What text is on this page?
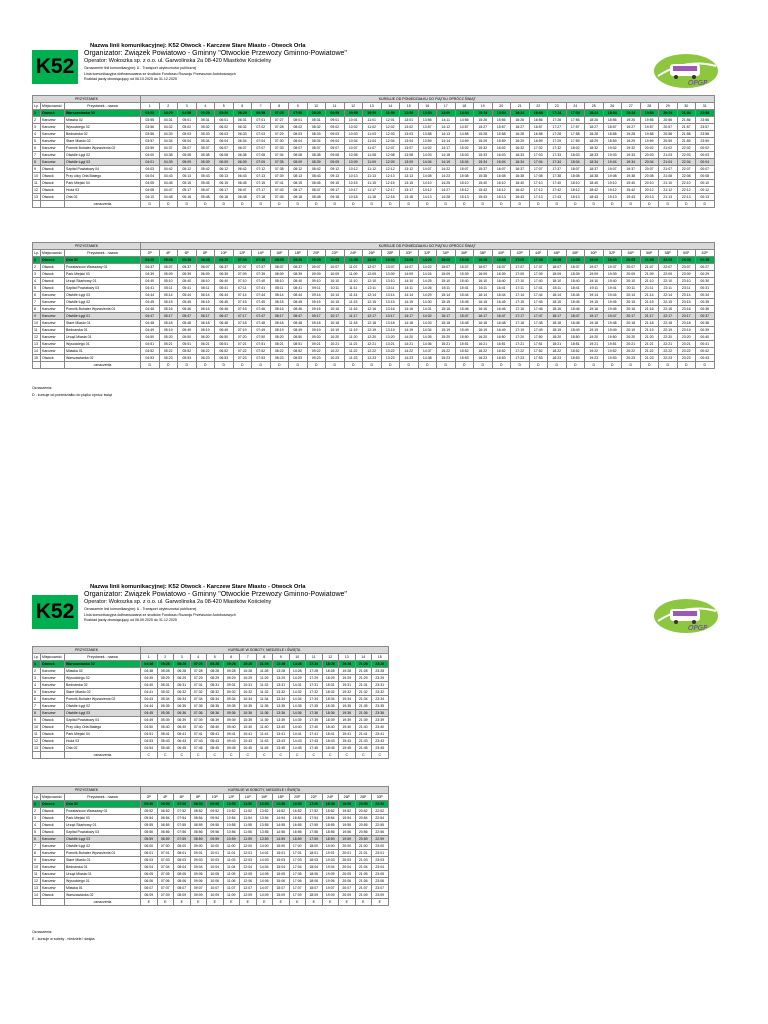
K52
Nazwa linii komunikacyjnej: K52 Otwock - Karczew Stare Miasto - Otwock Orla
Organizator: Związek Powiatowo - Gminny "Otwockie Przewozy Gminno-Powiatowe"
Operator: Wołoszka sp. z o.o. ul. Garwolinska 2a 08-420 Miastków Kościelny
Oznaczenie linii komunikacyjnej: U - Transport użyteczności publicznej
Linia komunikacyjna dofinansowana ze środków Funduszu Rozwoju Przewozów Autobusowych
Rozkład jazdy obowiązujący od 06.10.2025 do 31.12.2025
OPGP
PRZYSTANEK			KURSUJE OD PONIEDZIAŁKU DO PIĄTKU OPRÓCZ ŚWIĄT																														
Lp.	Miejscowość	Przystanek - nazwa	1	2	3	4	5	6	7	8	9	10	11	12	13	14	15	16	17	18	19	20	21	22	23	24	25	26	27	28	29	30	31
1	Otwock	Warszawianka 02	03:53	04:29	04:59	05:29	05:59	06:29	06:59	07:25	07:59	08:29	08:59	09:59	10:59	11:59	12:59	13:54	14:09	14:54	15:24	15:54	16:24	16:54	17:24	17:54	18:24	18:54	19:24	19:54	20:54	21:54	23:54
2	Karczew	Mlawka 02	03:55	04:31	05:01	05:31	06:01	06:31	07:01	07:27	08:01	08:31	09:01	10:01	11:01	12:01	13:01	13:56	14:11	14:56	15:26	15:56	16:26	16:56	17:26	17:56	18:26	18:56	19:26	19:56	20:56	21:56	23:56
3	Karczew	Wysockiego 02	03:56	04:32	05:02	05:32	06:02	06:32	07:02	07:28	08:02	08:32	09:02	10:02	11:02	12:02	13:02	13:57	14:12	14:57	15:27	15:57	16:27	16:57	17:27	17:57	18:27	18:57	19:27	19:57	20:57	21:57	23:57
4	Karczew	Bednarska 02	03:56	04:33	05:03	05:33	06:03	06:33	07:03	07:29	08:03	08:33	09:03	10:03	11:03	12:03	13:03	13:58	14:13	14:58	15:28	15:58	16:28	16:58	17:28	17:58	18:28	18:58	19:28	19:58	20:58	21:58	23:58
5	Karczew	Stare Miasto 02	03:57	04:34	05:04	05:34	06:04	06:34	07:04	07:30	08:04	08:34	09:04	10:04	11:04	12:04	13:04	13:59	14:14	14:59	15:29	15:59	16:29	16:59	17:29	17:59	18:29	18:59	19:29	19:59	20:59	21:59	23:59
6	Karczew	Pomnik Bohater Wyzwolenia 02	03:59	04:37	05:07	05:37	06:07	06:37	07:07	07:33	08:07	08:37	09:07	10:07	11:07	12:07	13:07	14:02	14:17	15:02	15:32	16:02	16:32	17:02	17:32	18:02	18:32	19:02	19:32	20:02	21:02	22:02	00:02
7	Karczew	Otwidle Łęgi 02	04:00	04:38	05:08	05:38	06:08	06:38	07:08	07:34	08:08	08:38	09:08	10:08	11:08	12:08	13:08	14:03	14:18	15:03	15:33	16:03	16:33	17:03	17:33	18:03	18:33	19:03	19:33	20:03	21:03	22:03	00:03
8	Karczew	Otwidle Łęgi 03	04:01	04:39	05:09	05:39	06:09	06:39	07:09	07:35	08:09	08:39	09:09	10:09	11:09	12:09	13:09	14:04	14:19	15:04	15:34	16:04	16:34	17:04	17:34	18:04	18:34	19:04	19:34	20:04	21:04	22:04	00:04
9	Otwock	Szpital Powiatowy 04	04:03	04:42	05:12	05:42	06:12	06:42	07:12	07:38	08:12	08:42	09:12	10:12	11:12	12:12	13:12	14:07	14:22	15:07	15:37	16:07	16:37	17:07	17:37	18:07	18:37	19:07	19:37	20:07	21:07	22:07	00:07
10	Otwock	Przy ulicy Orła Białego	04:04	04:43	05:13	05:43	06:13	06:43	07:13	07:39	08:13	08:43	09:13	10:13	11:13	12:13	13:13	14:08	14:23	15:08	15:38	16:08	16:38	17:08	17:38	18:08	18:38	19:08	19:38	20:08	21:08	22:08	00:08
11	Otwock	Park Miejski 04	04:05	04:45	05:15	05:45	06:15	06:45	07:15	07:41	08:15	08:45	09:15	10:15	11:15	12:15	13:15	14:10	14:25	15:10	15:40	16:10	16:40	17:10	17:40	18:10	18:40	19:10	19:40	20:10	21:10	22:10	00:10
12	Otwock	Hoża 03	04:08	04:47	05:17	05:47	06:17	06:47	07:17	07:43	08:17	08:47	09:17	10:17	11:17	12:17	13:17	14:12	14:27	15:12	15:42	16:12	16:42	17:12	17:42	18:12	18:42	19:12	19:42	20:12	21:12	22:12	00:12
13	Otwock	Orla 02	04:10	04:48	05:18	05:48	06:18	06:48	07:18	07:45	08:18	08:48	09:18	10:18	11:18	12:18	13:18	14:13	14:28	15:13	15:43	16:13	16:43	17:13	17:43	18:13	18:43	19:13	19:43	20:13	21:13	22:13	00:13
		oznaczenia	D	D	D	D	D	D	D	D	D	D	D	D	D	D	D	D	D	D	D	D	D	D	D	D	D	D	D	D	D	D	D
PRZYSTANEK			KURSUJE OD PONIEDZIAŁKU DO PIĄTKU OPRÓCZ ŚWIĄT																														
Lp.	Miejscowość	Przystanek - nazwa	2P	4P	6P	8P	10P	12P	14P	16P	18P	20P	22P	24P	26P	28P	30P	32P	34P	36P	38P	40P	42P	44P	46P	48P	50P	52P	54P	56P	58P	60P	62P
1	Otwock	Orla 02	04:35	05:05	05:35	06:05	06:35	07:05	07:35	08:05	08:35	09:05	10:05	11:05	12:05	13:05	14:05	14:20	15:05	15:35	16:05	16:35	17:05	17:35	18:05	18:35	19:05	19:35	20:05	21:05	22:05	23:05	00:25
2	Otwock	Powstańców Warszawy 01	04:37	05:07	05:37	06:07	06:37	07:07	07:37	08:07	08:37	09:07	10:07	11:07	12:07	13:07	14:07	14:22	15:07	15:37	16:07	16:37	17:07	17:37	18:07	18:37	19:07	19:37	20:07	21:07	22:07	23:07	00:27
3	Otwock	Park Miejski 03	04:39	05:09	05:39	06:09	06:39	07:09	07:39	08:09	08:39	09:09	10:09	11:09	12:09	13:09	14:09	14:24	15:09	15:39	16:09	16:39	17:09	17:39	18:09	18:39	19:09	19:39	20:09	21:09	22:09	23:09	00:29
4	Otwock	Urząd Skarbowy 01	04:40	05:10	05:40	06:10	06:40	07:10	07:40	08:10	08:40	09:10	10:10	11:10	12:10	13:10	14:10	14:25	15:10	15:40	16:10	16:40	17:10	17:40	18:10	18:40	19:10	19:40	20:10	21:10	22:10	23:10	00:30
5	Otwock	Szpital Powiatowy 03	04:41	05:11	05:41	06:11	06:41	07:11	07:41	08:11	08:41	09:11	10:11	11:11	12:11	13:11	14:11	14:26	15:11	15:41	16:11	16:41	17:11	17:41	18:11	18:41	19:11	19:41	20:11	21:11	22:11	23:11	00:31
6	Karczew	Otwidle Łęgi 03	04:44	05:14	05:44	06:14	06:44	07:14	07:44	08:14	08:44	09:14	10:14	11:14	12:14	13:14	14:14	14:29	15:14	15:44	16:14	16:44	17:14	17:44	18:14	18:44	19:14	19:44	20:14	21:14	22:14	23:14	00:34
7	Karczew	Otwidle Łęgi 02	04:45	05:15	05:45	06:15	06:45	07:15	07:45	08:15	08:45	09:15	10:15	11:15	12:15	13:15	14:15	14:30	15:15	15:45	16:15	16:45	17:15	17:45	18:15	18:45	19:15	19:45	20:15	21:15	22:15	23:15	00:35
8	Karczew	Pomnik Bohater Wyzwolenia 01	04:46	05:16	05:46	06:16	06:46	07:16	07:46	08:16	08:46	09:16	10:16	11:16	12:16	13:16	14:16	14:31	15:16	15:46	16:16	16:46	17:16	17:46	18:16	18:46	19:16	19:46	20:16	21:16	22:16	23:16	00:36
9	Karczew	Otwidle Łęgi 01	04:47	05:17	05:47	06:17	06:47	07:17	07:47	08:17	08:47	09:17	10:17	11:17	12:17	13:17	14:17	14:32	15:17	15:47	16:17	16:47	17:17	17:47	18:17	18:47	19:17	19:47	20:17	21:17	22:17	23:17	00:37
10	Karczew	Stare Miasto 01	04:48	05:18	05:48	06:18	06:48	07:18	07:48	08:18	08:48	09:18	10:18	11:18	12:18	13:18	14:18	14:33	15:18	15:48	16:18	16:48	17:18	17:48	18:18	18:48	19:18	19:48	20:18	21:18	22:18	23:18	00:38
11	Karczew	Bednarska 01	04:49	05:19	05:49	06:19	06:49	07:19	07:49	08:19	08:49	09:19	10:19	11:19	12:19	13:19	14:19	14:34	15:19	15:49	16:19	16:49	17:19	17:49	18:19	18:49	19:19	19:49	20:19	21:19	22:19	23:19	00:39
12	Karczew	Urząd Miasta 01	04:50	05:20	05:50	06:20	06:50	07:20	07:50	08:20	08:50	09:20	10:20	11:20	12:20	13:20	14:20	14:35	15:20	15:50	16:20	16:50	17:20	17:50	18:20	18:50	19:20	19:50	20:20	21:20	22:20	23:20	00:40
13	Karczew	Wysockiego 01	04:51	05:21	05:51	06:21	06:51	07:21	07:51	08:21	08:51	09:21	10:21	11:21	12:21	13:21	14:21	14:36	15:21	15:51	16:21	16:51	17:21	17:51	18:21	18:51	19:21	19:51	20:21	21:21	22:21	23:21	00:41
14	Karczew	Mlawka 01	04:52	05:22	05:52	06:22	06:52	07:22	07:52	08:22	08:52	09:22	10:22	11:22	12:22	13:22	14:22	14:37	15:22	15:52	16:22	16:52	17:22	17:52	18:22	18:52	19:22	19:52	20:22	21:22	22:22	23:22	00:42
15	Otwock	Warszawianka 02	04:53	05:23	05:53	06:23	06:53	07:23	07:53	08:23	08:53	09:23	10:23	11:23	12:23	13:23	14:23	14:38	15:23	15:53	16:23	16:53	17:23	17:53	18:23	18:53	19:23	19:53	20:23	21:23	22:23	23:23	00:43
		oznaczenia	D	D	D	D	D	D	D	D	D	D	D	D	D	D	D	D	D	D	D	D	D	D	D	D	D	D	D	D	D	D	D
Oznaczenia:
D - kursuje od poniedziałku do piątku oprócz świąt
K52
Nazwa linii komunikacyjnej: K52 Otwock - Karczew Stare Miasto - Otwock Orla
Organizator: Związek Powiatowo - Gminny "Otwockie Przewozy Gminno-Powiatowe"
Operator: Wołoszka sp. z o.o. ul. Garwolinska 2a 08-420 Miastków Kościelny
Oznaczenie linii komunikacyjnej: U - Transport użyteczności publicznej
Linia komunikacyjna dofinansowana ze środków Funduszu Rozwoju Przewozów Autobusowych
Rozkład jazdy obowiązujący od 06.09.2025 do 31.12.2025
OPGP
PRZYSTANEK			KURSUJE W SOBOTY, NIEDZIELE I ŚWIĘTA														
Lp.	Miejscowość	Przystanek - nazwa	1	2	3	4	5	6	7	8	9	10	11	12	13	14	15
1	Otwock	Warszawianka 02	04:36	05:26	06:26	07:26	08:26	09:26	10:26	11:26	13:26	14:26	17:26	18:26	19:26	21:26	23:26
2	Karczew	Mlawka 02	04:38	05:28	06:28	07:28	08:28	09:28	10:28	11:28	13:28	14:28	17:28	18:28	19:28	21:28	23:28
3	Karczew	Wysockiego 02	04:39	05:29	06:29	07:29	08:29	09:29	10:29	11:29	13:29	14:29	17:29	18:29	19:29	21:29	23:29
4	Karczew	Bednarska 02	04:40	05:31	06:31	07:31	08:31	09:31	10:31	11:31	13:31	14:31	17:31	18:31	19:31	21:31	23:31
5	Karczew	Stare Miasto 02	04:41	05:32	06:32	07:32	08:32	09:32	10:32	11:32	13:32	14:32	17:32	18:32	19:32	21:32	23:32
6	Karczew	Pomnik Bohater Wyzwolenia 02	04:43	05:34	06:34	07:34	08:34	09:34	10:34	11:34	13:34	14:34	17:34	18:34	19:34	21:34	23:34
7	Karczew	Otwidle Łęgi 02	04:44	05:35	06:35	07:35	08:35	09:35	10:35	11:35	13:35	14:35	17:35	18:35	19:35	21:35	23:35
8	Karczew	Otwidle Łęgi 03	04:45	05:36	06:36	07:36	08:36	09:36	10:36	11:36	13:36	14:36	17:36	18:36	19:36	21:36	23:36
9	Otwock	Szpital Powiatowy 04	04:49	05:39	06:39	07:39	08:39	09:39	10:39	11:39	13:39	14:39	17:39	18:39	19:39	21:39	23:39
10	Otwock	Przy ulicy Orła Białego	04:50	05:40	06:40	07:40	08:40	09:40	10:40	11:40	13:40	14:40	17:40	18:40	19:40	21:40	23:40
11	Otwock	Park Miejski 04	04:51	05:41	06:41	07:41	08:41	09:41	10:41	11:41	13:41	14:41	17:41	18:41	19:41	21:41	23:41
12	Otwock	Hoża 03	04:53	05:43	06:43	07:43	08:43	09:43	10:43	11:43	13:43	14:43	17:43	18:43	19:43	21:43	23:43
13	Otwock	Orla 02	04:54	05:45	06:45	07:45	08:45	09:45	10:45	11:45	13:45	14:45	17:45	18:45	19:45	21:45	23:45
		oznaczenia	C	C	C	C	C	C	C	C	C	C	C	C	C	C	C
PRZYSTANEK			KURSUJE W SOBOTY, NIEDZIELE I ŚWIĘTA														
Lp.	Miejscowość	Przystanek - nazwa	2P	4P	6P	8P	10P	12P	14P	16P	18P	20P	22P	24P	26P	28P	30P
1	Otwock	Orla 02	05:50	06:50	07:50	08:50	09:50	10:50	11:50	13:50	14:50	16:50	17:50	18:50	19:50	20:50	22:50
2	Otwock	Powstańców Warszawy 01	05:52	06:52	07:52	08:52	09:52	10:52	11:52	13:52	14:52	16:52	17:52	18:52	19:52	20:52	22:52
3	Otwock	Park Miejski 03	05:54	06:54	07:54	08:54	09:54	10:54	11:54	13:54	14:54	16:54	17:54	18:54	19:54	20:54	22:54
4	Otwock	Urząd Skarbowy 01	05:55	06:55	07:55	08:55	09:55	10:55	11:55	13:55	14:55	16:55	17:55	18:55	19:55	20:55	22:55
5	Otwock	Szpital Powiatowy 03	05:56	06:56	07:56	08:56	09:56	10:56	11:56	13:56	14:56	16:56	17:56	18:56	19:56	20:56	22:56
6	Karczew	Otwidle Łęgi 03	05:59	06:59	07:59	08:59	09:59	10:59	11:59	13:59	14:59	16:59	17:59	18:59	19:59	20:59	22:59
7	Karczew	Otwidle Łęgi 02	06:00	07:00	08:00	09:00	10:00	11:00	12:00	14:00	15:00	17:00	18:00	19:00	20:00	21:00	23:00
8	Karczew	Pomnik Bohater Wyzwolenia 01	06:01	07:01	08:01	09:01	10:01	11:01	12:01	14:01	15:01	17:01	18:01	19:01	20:01	21:01	23:01
9	Karczew	Stare Miasto 01	06:03	07:03	08:03	09:03	10:03	11:03	12:03	14:03	15:03	17:03	18:03	19:03	20:03	21:03	23:03
10	Karczew	Bednarska 01	06:04	07:04	08:04	09:04	10:04	11:04	12:04	14:04	15:04	17:04	18:04	19:04	20:04	21:04	23:04
11	Karczew	Urząd Miasta 01	06:05	07:05	08:05	09:05	10:05	11:05	12:05	14:05	15:05	17:05	18:05	19:05	20:05	21:05	23:05
12	Karczew	Wysockiego 01	06:06	07:06	08:06	09:06	10:06	11:06	12:06	14:06	15:06	17:06	18:06	19:06	20:06	21:06	23:06
13	Karczew	Mlawka 01	06:07	07:07	08:07	09:07	10:07	11:07	12:07	14:07	15:07	17:07	18:07	19:07	20:07	21:07	23:07
14	Otwock	Warszawianka 02	06:09	07:09	08:09	09:09	10:09	11:09	12:09	14:09	15:09	17:09	18:09	19:09	20:09	21:09	23:09
		oznaczenia	E	E	E	E	E	E	E	E	E	E	E	E	E	E	E
Oznaczenia:
E - kursuje w soboty , niedziele i święta
